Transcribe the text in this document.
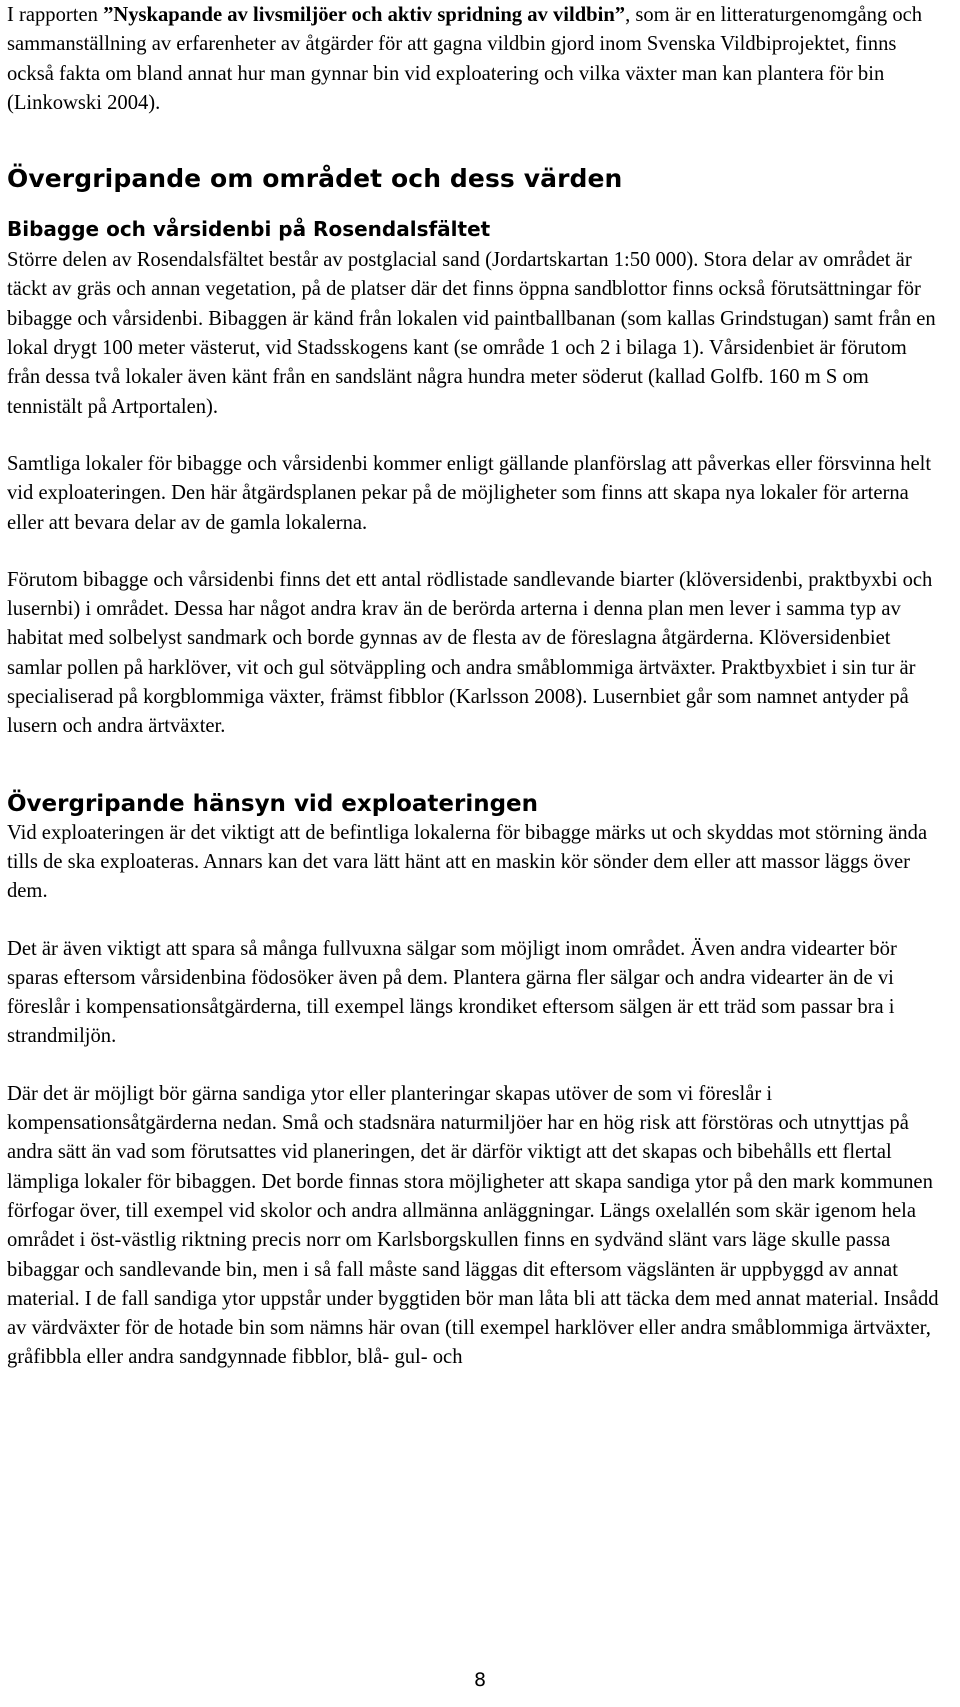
I rapporten ”Nyskapande av livsmiljöer och aktiv spridning av vildbin”, som är en litteraturgenomgång och sammanställning av erfarenheter av åtgärder för att gagna vildbin gjord inom Svenska Vildbiprojektet, finns också fakta om bland annat hur man gynnar bin vid exploatering och vilka växter man kan plantera för bin (Linkowski 2004).

Övergripande om området och dess värden
Bibagge och vårsidenbi på Rosendalsfältet

Större delen av Rosendalsfältet består av postglacial sand (Jordartskartan 1:50 000). Stora delar av området är täckt av gräs och annan vegetation, på de platser där det finns öppna sandblottor finns också förutsättningar för bibagge och vårsidenbi. Bibaggen är känd från lokalen vid paintballbanan (som kallas Grindstugan) samt från en lokal drygt 100 meter västerut, vid Stadsskogens kant (se område 1 och 2 i bilaga 1). Vårsidenbiet är förutom från dessa två lokaler även känt från en sandslänt några hundra meter söderut (kallad Golfb. 160 m S om tennistält på Artportalen).

Samtliga lokaler för bibagge och vårsidenbi kommer enligt gällande planförslag att påverkas eller försvinna helt vid exploateringen. Den här åtgärdsplanen pekar på de möjligheter som finns att skapa nya lokaler för arterna eller att bevara delar av de gamla lokalerna.

Förutom bibagge och vårsidenbi finns det ett antal rödlistade sandlevande biarter (klöversidenbi, praktbyxbi och lusernbi) i området. Dessa har något andra krav än de berörda arterna i denna plan men lever i samma typ av habitat med solbelyst sandmark och borde gynnas av de flesta av de föreslagna åtgärderna. Klöversidenbiet samlar pollen på harklöver, vit och gul sötväppling och andra småblommiga ärtväxter. Praktbyxbiet i sin tur är specialiserad på korgblommiga växter, främst fibblor (Karlsson 2008). Lusernbiet går som namnet antyder på lusern och andra ärtväxter.

Övergripande hänsyn vid exploateringen

Vid exploateringen är det viktigt att de befintliga lokalerna för bibagge märks ut och skyddas mot störning ända tills de ska exploateras. Annars kan det vara lätt hänt att en maskin kör sönder dem eller att massor läggs över dem.

Det är även viktigt att spara så många fullvuxna sälgar som möjligt inom området. Även andra videarter bör sparas eftersom vårsidenbina födosöker även på dem. Plantera gärna fler sälgar och andra videarter än de vi föreslår i kompensationsåtgärderna, till exempel längs krondiket eftersom sälgen är ett träd som passar bra i strandmiljön.

Där det är möjligt bör gärna sandiga ytor eller planteringar skapas utöver de som vi föreslår i kompensationsåtgärderna nedan. Små och stadsnära naturmiljöer har en hög risk att förstöras och utnyttjas på andra sätt än vad som förutsattes vid planeringen, det är därför viktigt att det skapas och bibehålls ett flertal lämpliga lokaler för bibaggen. Det borde finnas stora möjligheter att skapa sandiga ytor på den mark kommunen förfogar över, till exempel vid skolor och andra allmänna anläggningar. Längs oxelallén som skär igenom hela området i öst-västlig riktning precis norr om Karlsborgskullen finns en sydvänd slänt vars läge skulle passa bibaggar och sandlevande bin, men i så fall måste sand läggas dit eftersom vägslänten är uppbyggd av annat material. I de fall sandiga ytor uppstår under byggtiden bör man låta bli att täcka dem med annat material. Insådd av värdväxter för de hotade bin som nämns här ovan (till exempel harklöver eller andra småblommiga ärtväxter, gråfibbla eller andra sandgynnade fibblor, blå- gul- och

8
